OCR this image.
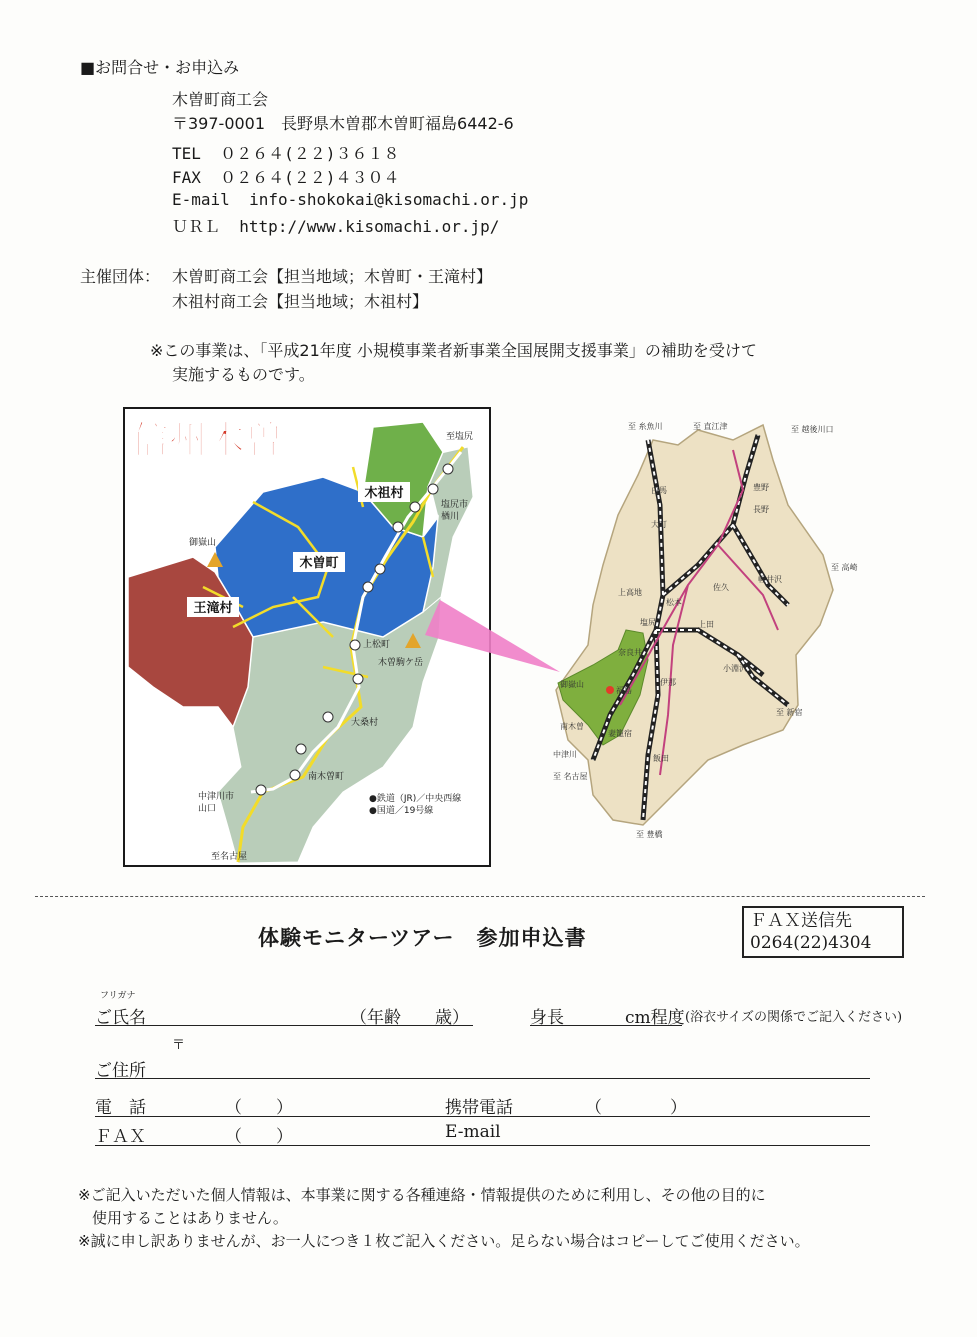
■お問合せ・お申込み
木曽町商工会
〒397-0001　長野県木曽郡木曽町福島6442-6
TEL ０２６４(２２)３６１８
FAX ０２６４(２２)４３０４
E-mail info-shokokai@kisomachi.or.jp
ＵＲＬ http://www.kisomachi.or.jp/
主催団体： 木曽町商工会【担当地域；木曽町・王滝村】
木祖村商工会【担当地域；木祖村】
※この事業は、「平成21年度 小規模事業者新事業全国展開支援事業」の補助を受けて
実施するものです。
信州木曽
木祖村
木曽町
王滝村
至塩尻
塩尻市
楢川
御嶽山
上松町
木曽駒ケ岳
大桑村
南木曽町
中津川市
山口
至名古屋
●鉄道（JR)／中央西線
●国道／19号線
至 糸魚川	至 直江津	至 越後川口
白馬	豊野
長野
大町
軽井沢
至 高崎
上高地
松本
佐久
塩尻	上田
奈良井
御嶽山
福島
伊那
小淵沢
至 新宿
南木曽
妻籠宿
中津川	飯田
至 名古屋
至 豊橋
体験モニターツアー　参加申込書
ＦＡＸ送信先
0264(22)4304
フリガナ
ご氏名	（年齢　　歳）	身長	cm程度 (浴衣サイズの関係でご記入ください)
〒
ご住所
電　話	（　　）	携帯電話	（　　　　）
ＦＡＸ	（　　）	E-mail
※ご記入いただいた個人情報は、本事業に関する各種連絡・情報提供のために利用し、その他の目的に
使用することはありません。
※誠に申し訳ありませんが、お一人につき１枚ご記入ください。足らない場合はコピーしてご使用ください。
